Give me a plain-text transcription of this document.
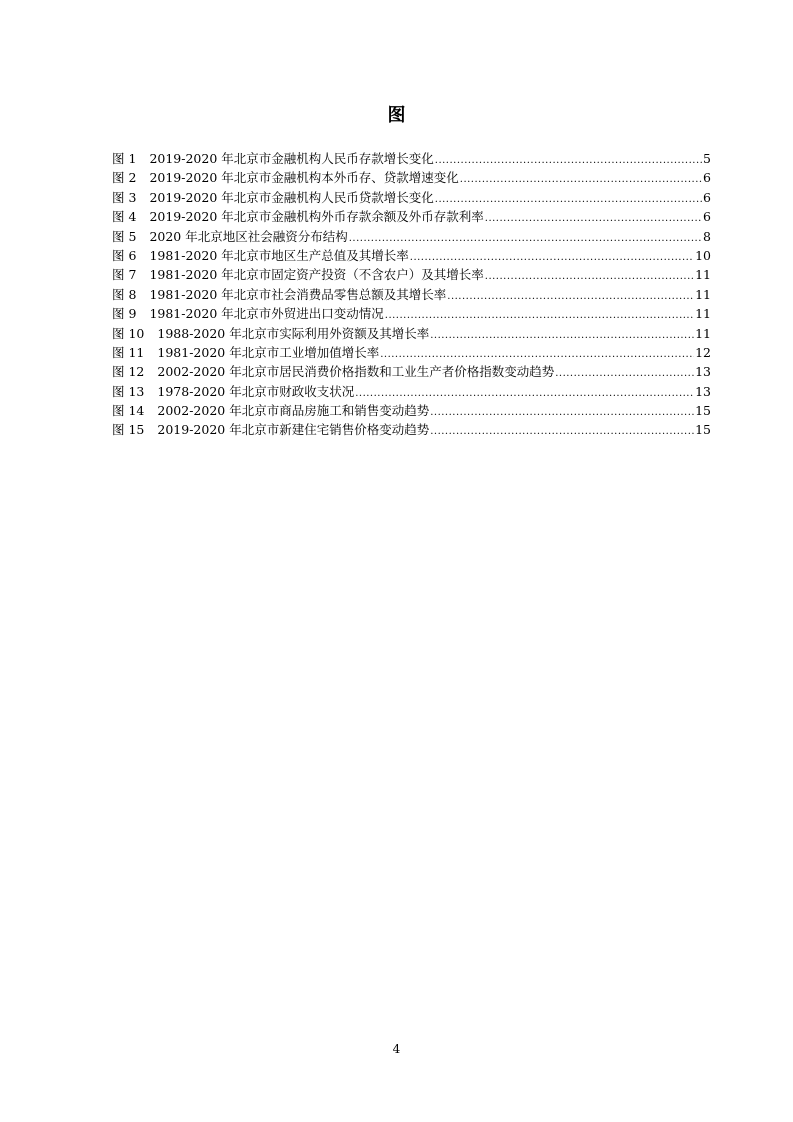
图
图 1 2019-2020 年北京市金融机构人民币存款增长变化 .....	5
图 2 2019-2020 年北京市金融机构本外币存、贷款增速变化 .....	6
图 3 2019-2020 年北京市金融机构人民币贷款增长变化 .....	6
图 4 2019-2020 年北京市金融机构外币存款余额及外币存款利率 .....	6
图 5 2020 年北京地区社会融资分布结构 .....	8
图 6 1981-2020 年北京市地区生产总值及其增长率 .....	10
图 7 1981-2020 年北京市固定资产投资（不含农户）及其增长率 .....	11
图 8 1981-2020 年北京市社会消费品零售总额及其增长率 .....	11
图 9 1981-2020 年北京市外贸进出口变动情况 .....	11
图 10 1988-2020 年北京市实际利用外资额及其增长率 .....	11
图 11 1981-2020 年北京市工业增加值增长率 .....	12
图 12 2002-2020 年北京市居民消费价格指数和工业生产者价格指数变动趋势 .....	13
图 13 1978-2020 年北京市财政收支状况 .....	13
图 14 2002-2020 年北京市商品房施工和销售变动趋势 .....	15
图 15 2019-2020 年北京市新建住宅销售价格变动趋势 .....	15
4
